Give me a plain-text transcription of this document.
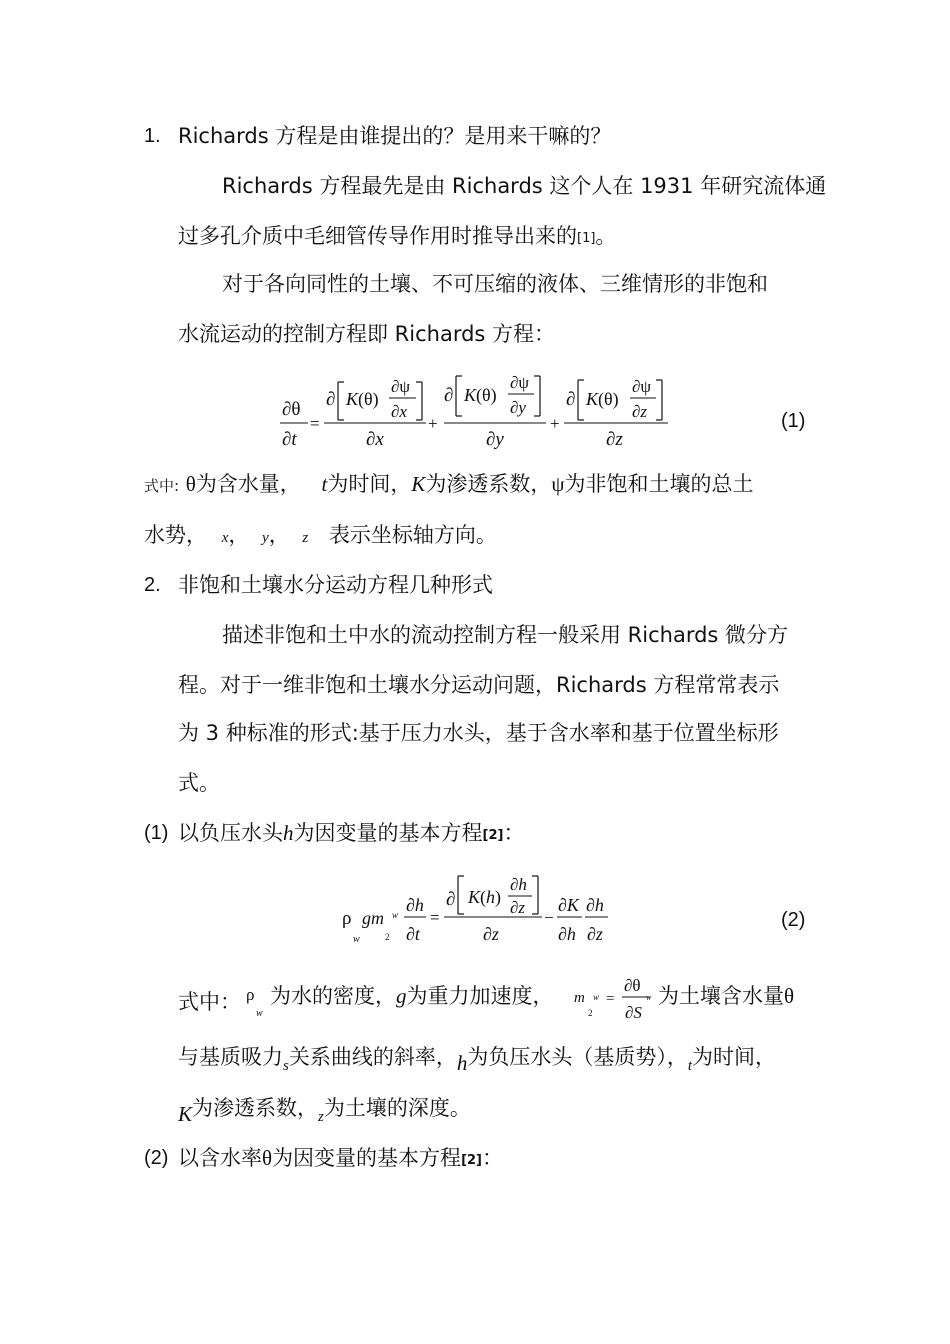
1. Richards 方程是由谁提出的？是用来干嘛的？
Richards 方程最先是由 Richards 这个人在 1931 年研究流体通
过多孔介质中毛细管传导作用时推导出来的[1]。
对于各向同性的土壤、不可压缩的液体、三维情形的非饱和
水流运动的控制方程即 Richards 方程：
∂θ
∂t
=
∂ K(θ)
∂ψ
∂x
∂x
+
∂ K(θ)
∂ψ
∂y
∂y
+
∂ K(θ)
∂ψ
∂z
∂z
(1)
式中: θ为含水量， t为时间，K为渗透系数，ψ为非饱和土壤的总土
水势， x， y， z 表示坐标轴方向。
2. 非饱和土壤水分运动方程几种形式
描述非饱和土中水的流动控制方程一般采用 Richards 微分方
程。对于一维非饱和土壤水分运动问题，Richards 方程常常表示
为 3 种标准的形式:基于压力水头，基于含水率和基于位置坐标形
式。
(1) 以负压水头h为因变量的基本方程[2]：
ρ
w
gm w
2
∂h
∂t
=
∂ K(h)
∂h
∂z
∂z
−
∂K
∂h
∂h
∂z
(2)
式中： ρ
w
为水的密度，g为重力加速度， m w
2
=
∂θ
∂S
w 为土壤含水量θ
与基质吸力$_s$关系曲线的斜率，h为负压水头（基质势），$_t$为时间，
K为渗透系数，$_z$为土壤的深度。
(2) 以含水率θ为因变量的基本方程[2]：
